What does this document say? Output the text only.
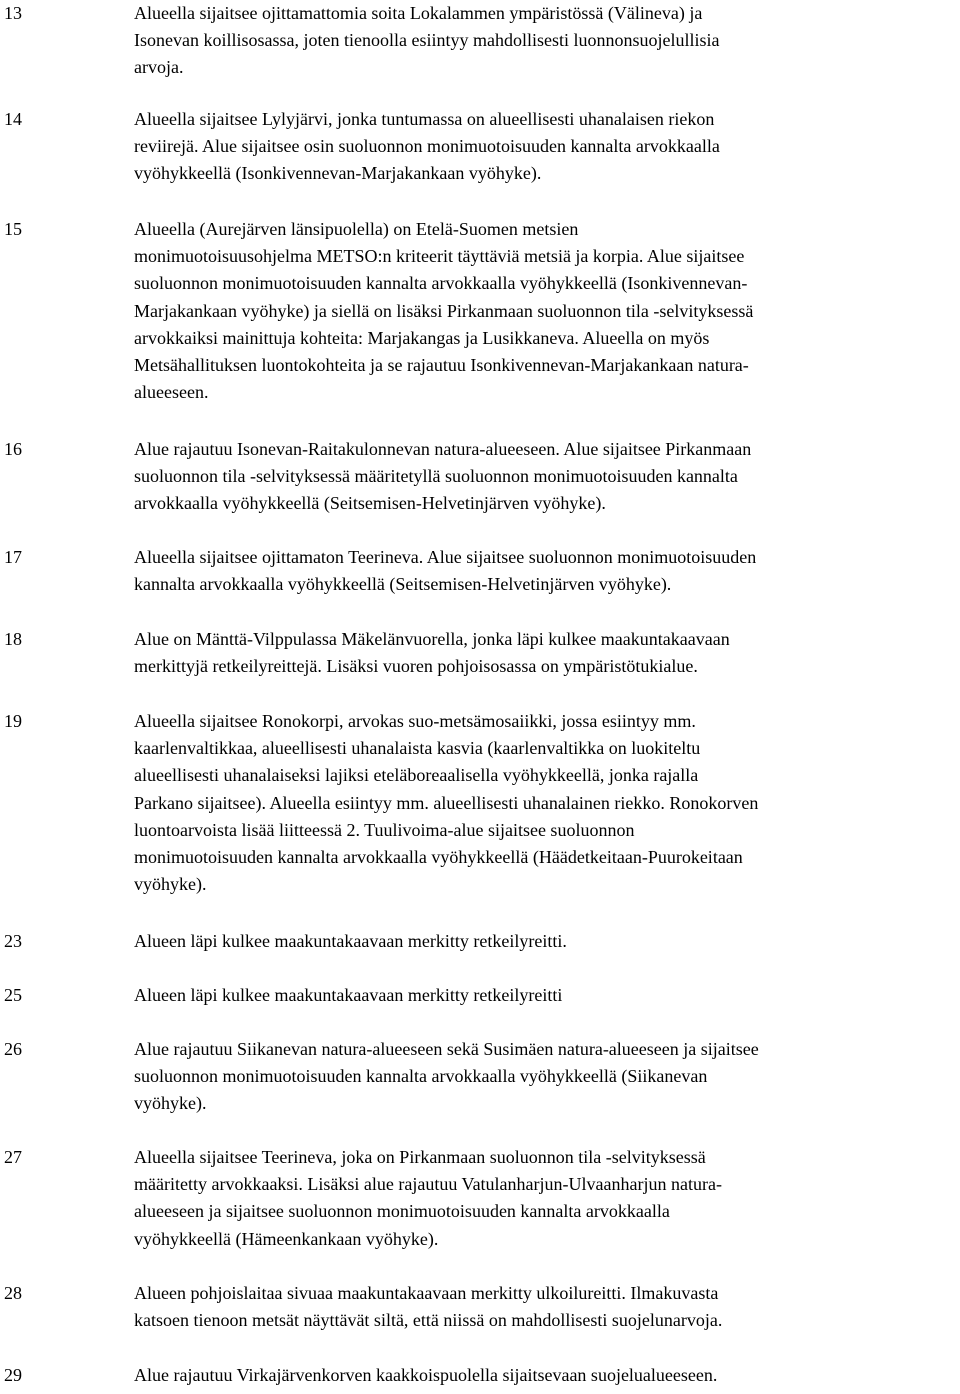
13	Alueella sijaitsee ojittamattomia soita Lokalammen ympäristössä (Välineva) ja
Isonevan koillisosassa, joten tienoolla esiintyy mahdollisesti luonnonsuojelullisia
arvoja.
14	Alueella sijaitsee Lylyjärvi, jonka tuntumassa on alueellisesti uhanalaisen riekon
reviirejä. Alue sijaitsee osin suoluonnon monimuotoisuuden kannalta arvokkaalla
vyöhykkeellä (Isonkivennevan-Marjakankaan vyöhyke).
15	Alueella (Aurejärven länsipuolella) on Etelä-Suomen metsien
monimuotoisuusohjelma METSO:n kriteerit täyttäviä metsiä ja korpia. Alue sijaitsee
suoluonnon monimuotoisuuden kannalta arvokkaalla vyöhykkeellä (Isonkivennevan-
Marjakankaan vyöhyke) ja siellä on lisäksi Pirkanmaan suoluonnon tila -selvityksessä
arvokkaiksi mainittuja kohteita: Marjakangas ja Lusikkaneva. Alueella on myös
Metsähallituksen luontokohteita ja se rajautuu Isonkivennevan-Marjakankaan natura-
alueeseen.
16	Alue rajautuu Isonevan-Raitakulonnevan natura-alueeseen. Alue sijaitsee Pirkanmaan
suoluonnon tila -selvityksessä määritetyllä suoluonnon monimuotoisuuden kannalta
arvokkaalla vyöhykkeellä (Seitsemisen-Helvetinjärven vyöhyke).
17	Alueella sijaitsee ojittamaton Teerineva. Alue sijaitsee suoluonnon monimuotoisuuden
kannalta arvokkaalla vyöhykkeellä (Seitsemisen-Helvetinjärven vyöhyke).
18	Alue on Mänttä-Vilppulassa Mäkelänvuorella, jonka läpi kulkee maakuntakaavaan
merkittyjä retkeilyreittejä. Lisäksi vuoren pohjoisosassa on ympäristötukialue.
19	Alueella sijaitsee Ronokorpi, arvokas suo-metsämosaiikki, jossa esiintyy mm.
kaarlenvaltikkaa, alueellisesti uhanalaista kasvia (kaarlenvaltikka on luokiteltu
alueellisesti uhanalaiseksi lajiksi eteläboreaalisella vyöhykkeellä, jonka rajalla
Parkano sijaitsee). Alueella esiintyy mm. alueellisesti uhanalainen riekko. Ronokorven
luontoarvoista lisää liitteessä 2. Tuulivoima-alue sijaitsee suoluonnon
monimuotoisuuden kannalta arvokkaalla vyöhykkeellä (Häädetkeitaan-Puurokeitaan
vyöhyke).
23	Alueen läpi kulkee maakuntakaavaan merkitty retkeilyreitti.
25	Alueen läpi kulkee maakuntakaavaan merkitty retkeilyreitti
26	Alue rajautuu Siikanevan natura-alueeseen sekä Susimäen natura-alueeseen ja sijaitsee
suoluonnon monimuotoisuuden kannalta arvokkaalla vyöhykkeellä (Siikanevan
vyöhyke).
27	Alueella sijaitsee Teerineva, joka on Pirkanmaan suoluonnon tila -selvityksessä
määritetty arvokkaaksi. Lisäksi alue rajautuu Vatulanharjun-Ulvaanharjun natura-
alueeseen ja sijaitsee suoluonnon monimuotoisuuden kannalta arvokkaalla
vyöhykkeellä (Hämeenkankaan vyöhyke).
28	Alueen pohjoislaitaa sivuaa maakuntakaavaan merkitty ulkoilureitti. Ilmakuvasta
katsoen tienoon metsät näyttävät siltä, että niissä on mahdollisesti suojelunarvoja.
29	Alue rajautuu Virkajärvenkorven kaakkoispuolella sijaitsevaan suojelualueeseen.
